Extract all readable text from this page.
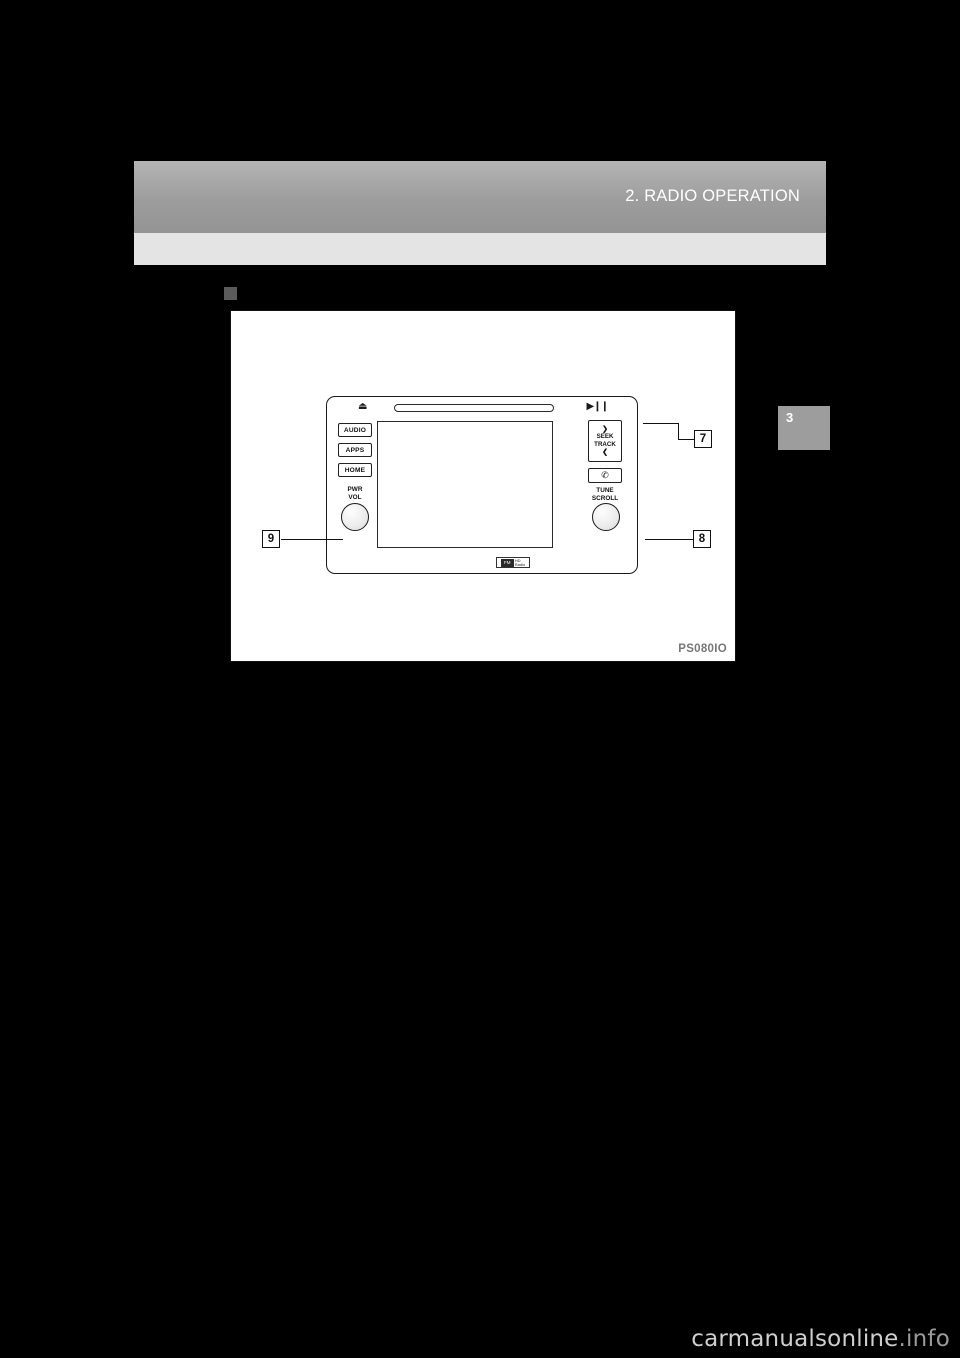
2. RADIO OPERATION
3
⏏	▶❙❙
AUDIO
APPS
HOME
PWR
VOL
❯
SEEK
TRACK
❮
✆
TUNE
SCROLL
FM	HD
Radio
7
8
9
PS080IO
carmanualsonline.info
